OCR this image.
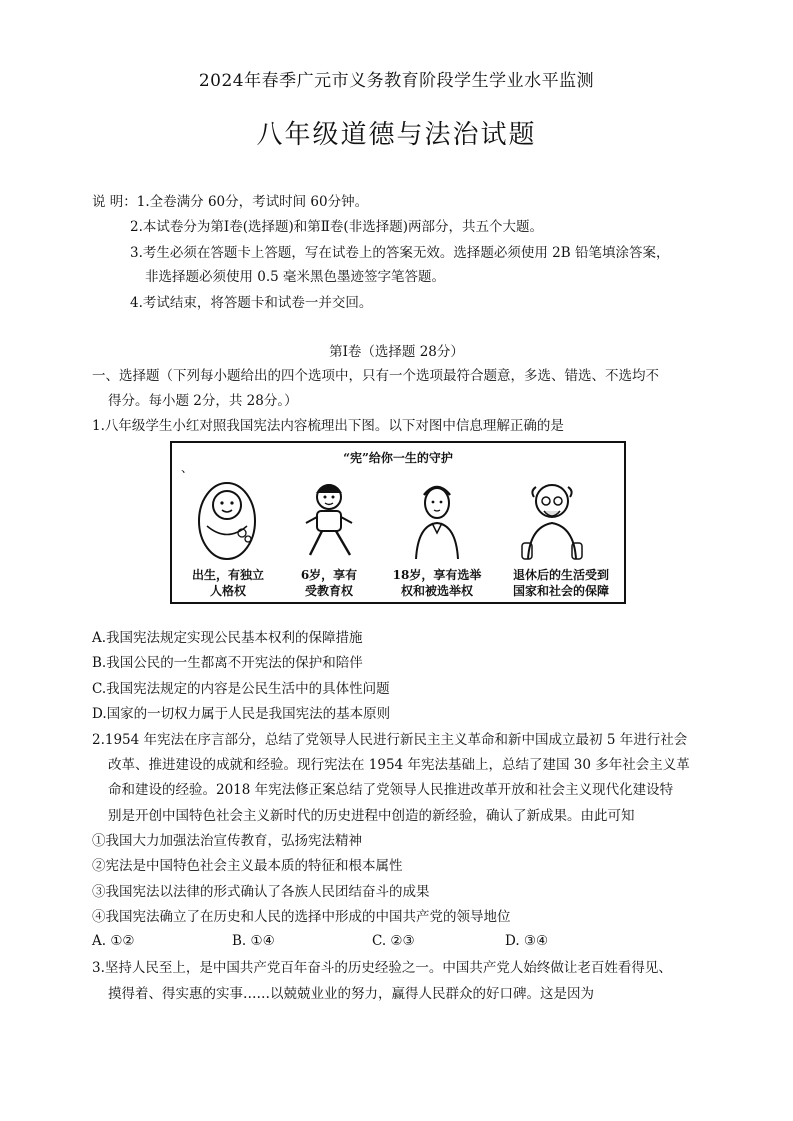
2024年春季广元市义务教育阶段学生学业水平监测
八年级道德与法治试题
说 明：1.全卷满分 60分，考试时间 60分钟。
2.本试卷分为第Ⅰ卷(选择题)和第Ⅱ卷(非选择题)两部分，共五个大题。
3.考生必须在答题卡上答题，写在试卷上的答案无效。选择题必须使用 2B 铅笔填涂答案，
非选择题必须使用 0.5 毫米黑色墨迹签字笔答题。
4.考试结束，将答题卡和试卷一并交回。
第Ⅰ卷（选择题 28分）
一、选择题（下列每小题给出的四个选项中，只有一个选项最符合题意，多选、错选、不选均不
得分。每小题 2分，共 28分。）
1.八年级学生小红对照我国宪法内容梳理出下图。以下对图中信息理解正确的是
、
“宪”给你一生的守护
出生，有独立
人格权
6岁，享有
受教育权
18岁，享有选举
权和被选举权
退休后的生活受到
国家和社会的保障
A.我国宪法规定实现公民基本权利的保障措施
B.我国公民的一生都离不开宪法的保护和陪伴
C.我国宪法规定的内容是公民生活中的具体性问题
D.国家的一切权力属于人民是我国宪法的基本原则
2.1954 年宪法在序言部分，总结了党领导人民进行新民主主义革命和新中国成立最初 5 年进行社会
改革、推进建设的成就和经验。现行宪法在 1954 年宪法基础上，总结了建国 30 多年社会主义革
命和建设的经验。2018 年宪法修正案总结了党领导人民推进改革开放和社会主义现代化建设特
别是开创中国特色社会主义新时代的历史进程中创造的新经验，确认了新成果。由此可知
①我国大力加强法治宣传教育，弘扬宪法精神
②宪法是中国特色社会主义最本质的特征和根本属性
③我国宪法以法律的形式确认了各族人民团结奋斗的成果
④我国宪法确立了在历史和人民的选择中形成的中国共产党的领导地位
A. ①②	B. ①④	C. ②③	D. ③④
3.坚持人民至上，是中国共产党百年奋斗的历史经验之一。中国共产党人始终做让老百姓看得见、
摸得着、得实惠的实事……以兢兢业业的努力，赢得人民群众的好口碑。这是因为
